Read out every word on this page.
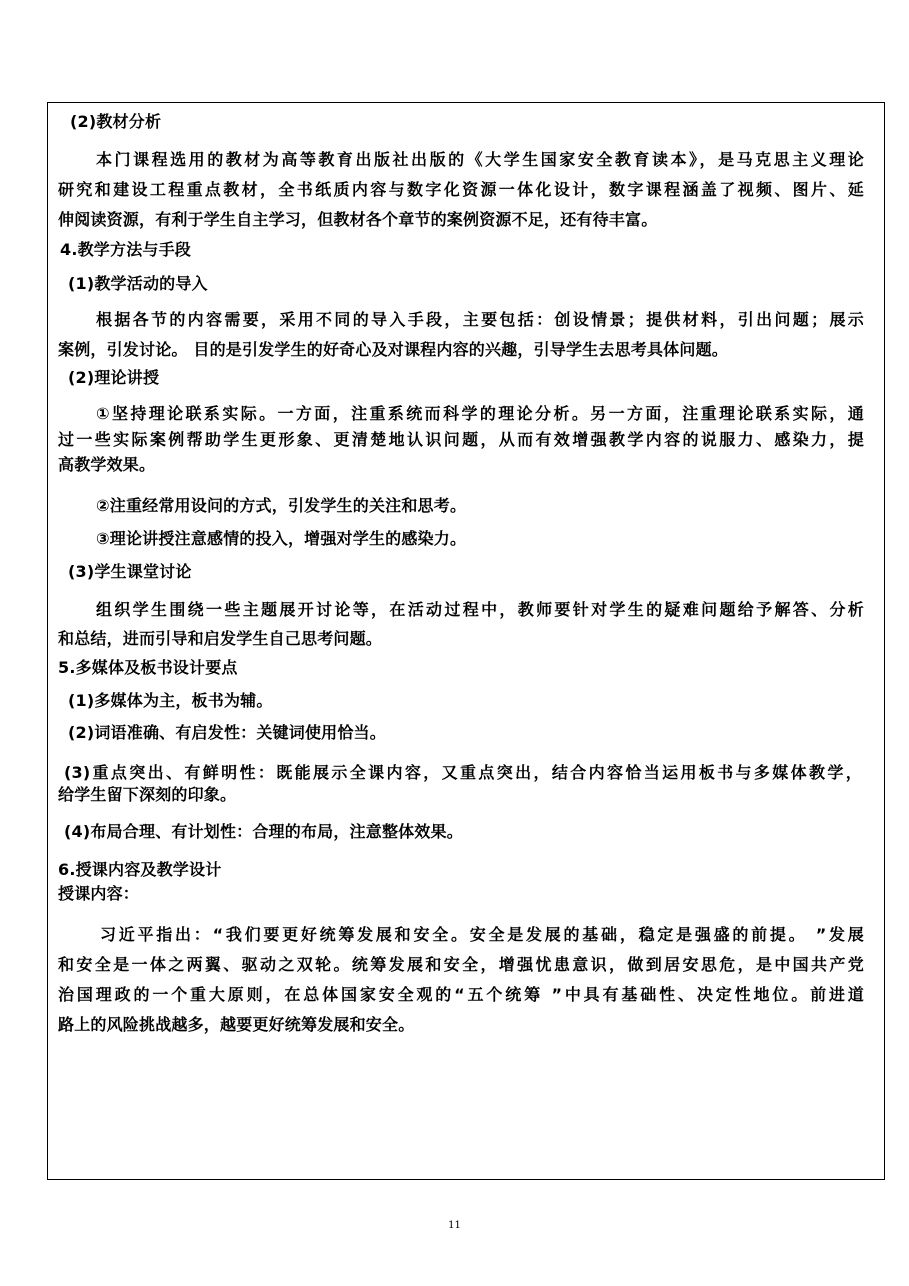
(2)教材分析
本门课程选用的教材为高等教育出版社出版的《大学生国家安全教育读本》，是马克思主义理论
研究和建设工程重点教材，全书纸质内容与数字化资源一体化设计，数字课程涵盖了视频、图片、延
伸阅读资源，有利于学生自主学习，但教材各个章节的案例资源不足，还有待丰富。
4.教学方法与手段
(1)教学活动的导入
根据各节的内容需要，采用不同的导入手段，主要包括：创设情景；提供材料，引出问题；展示
案例，引发讨论。 目的是引发学生的好奇心及对课程内容的兴趣，引导学生去思考具体问题。
(2)理论讲授
①坚持理论联系实际。一方面，注重系统而科学的理论分析。另一方面，注重理论联系实际，通
过一些实际案例帮助学生更形象、更清楚地认识问题，从而有效增强教学内容的说服力、感染力，提
高教学效果。
②注重经常用设问的方式，引发学生的关注和思考。
③理论讲授注意感情的投入，增强对学生的感染力。
(3)学生课堂讨论
组织学生围绕一些主题展开讨论等，在活动过程中，教师要针对学生的疑难问题给予解答、分析
和总结，进而引导和启发学生自己思考问题。
5.多媒体及板书设计要点
(1)多媒体为主，板书为辅。
(2)词语准确、有启发性：关键词使用恰当。
(3)重点突出、有鲜明性：既能展示全课内容，又重点突出，结合内容恰当运用板书与多媒体教学，
给学生留下深刻的印象。
(4)布局合理、有计划性：合理的布局，注意整体效果。
6.授课内容及教学设计
授课内容：
习近平指出：“我们要更好统筹发展和安全。安全是发展的基础，稳定是强盛的前提。 ”发展
和安全是一体之两翼、驱动之双轮。统筹发展和安全，增强忧患意识，做到居安思危，是中国共产党
治国理政的一个重大原则，在总体国家安全观的“五个统筹 ”中具有基础性、决定性地位。前进道
路上的风险挑战越多，越要更好统筹发展和安全。
11
